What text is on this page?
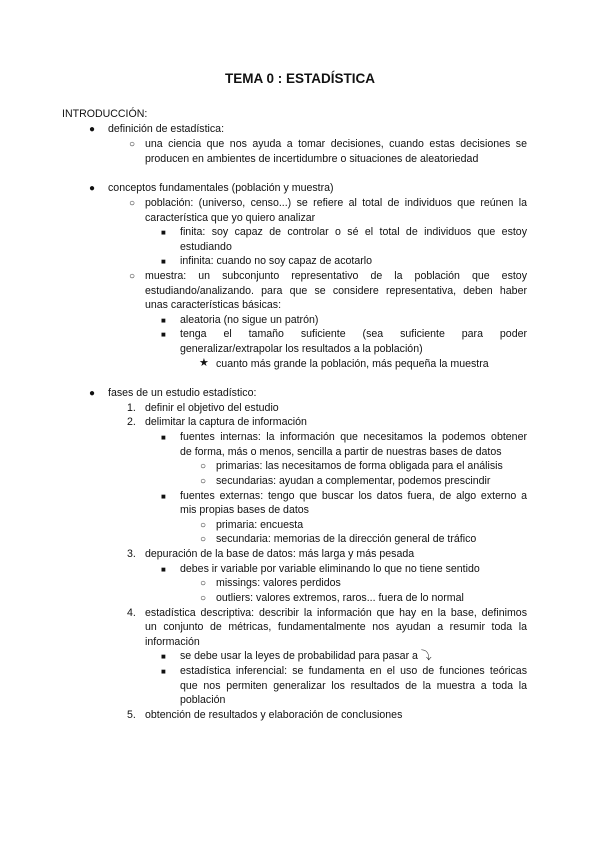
TEMA 0 : ESTADÍSTICA
INTRODUCCIÓN:
● definición de estadística:
○ una ciencia que nos ayuda a tomar decisiones, cuando estas decisiones se
producen en ambientes de incertidumbre o situaciones de aleatoriedad
● conceptos fundamentales (población y muestra)
○ población: (universo, censo...) se refiere al total de individuos que reúnen la
característica que yo quiero analizar
■ finita: soy capaz de controlar o sé el total de individuos que estoy
estudiando
■ infinita: cuando no soy capaz de acotarlo
○ muestra: un subconjunto representativo de la población que estoy
estudiando/analizando. para que se considere representativa, deben haber
unas características básicas:
■ aleatoria (no sigue un patrón)
■ tenga el tamaño suficiente (sea suficiente para poder
generalizar/extrapolar los resultados a la población)
★ cuanto más grande la población, más pequeña la muestra
● fases de un estudio estadístico:
1. definir el objetivo del estudio
2. delimitar la captura de información
■ fuentes internas: la información que necesitamos la podemos obtener
de forma, más o menos, sencilla a partir de nuestras bases de datos
○ primarias: las necesitamos de forma obligada para el análisis
○ secundarias: ayudan a complementar, podemos prescindir
■ fuentes externas: tengo que buscar los datos fuera, de algo externo a
mis propias bases de datos
○ primaria: encuesta
○ secundaria: memorias de la dirección general de tráfico
3. depuración de la base de datos: más larga y más pesada
■ debes ir variable por variable eliminando lo que no tiene sentido
○ missings: valores perdidos
○ outliers: valores extremos, raros... fuera de lo normal
4. estadística descriptiva: describir la información que hay en la base, definimos
un conjunto de métricas, fundamentalmente nos ayudan a resumir toda la
información
■ se debe usar la leyes de probabilidad para pasar a ⤵
■ estadística inferencial: se fundamenta en el uso de funciones teóricas
que nos permiten generalizar los resultados de la muestra a toda la
población
5. obtención de resultados y elaboración de conclusiones
